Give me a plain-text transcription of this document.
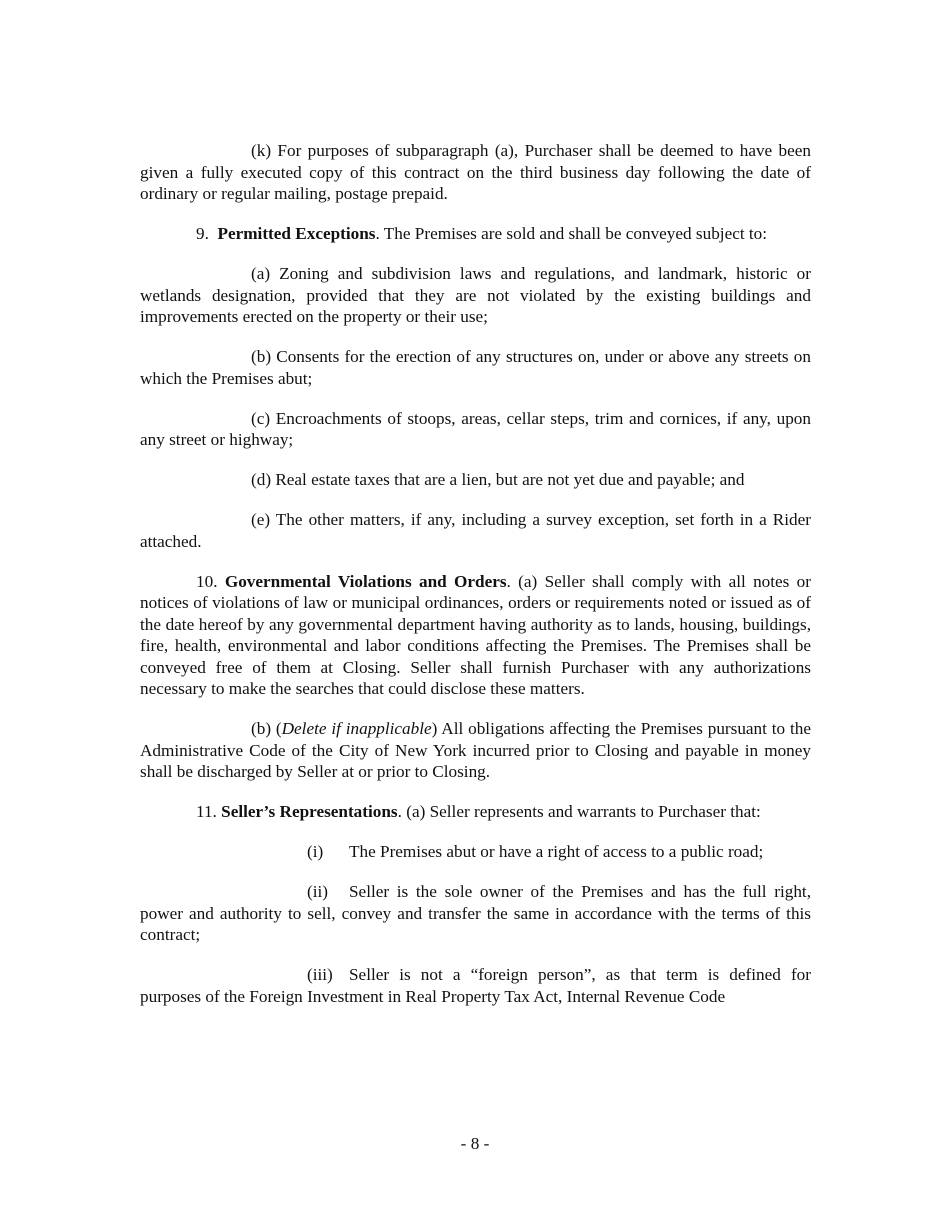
(k) For purposes of subparagraph (a), Purchaser shall be deemed to have been given a fully executed copy of this contract on the third business day following the date of ordinary or regular mailing, postage prepaid.

9. Permitted Exceptions. The Premises are sold and shall be conveyed subject to:

(a) Zoning and subdivision laws and regulations, and landmark, historic or wetlands designation, provided that they are not violated by the existing buildings and improvements erected on the property or their use;

(b) Consents for the erection of any structures on, under or above any streets on which the Premises abut;

(c) Encroachments of stoops, areas, cellar steps, trim and cornices, if any, upon any street or highway;

(d) Real estate taxes that are a lien, but are not yet due and payable; and

(e) The other matters, if any, including a survey exception, set forth in a Rider attached.

10. Governmental Violations and Orders. (a) Seller shall comply with all notes or notices of violations of law or municipal ordinances, orders or requirements noted or issued as of the date hereof by any governmental department having authority as to lands, housing, buildings, fire, health, environmental and labor conditions affecting the Premises. The Premises shall be conveyed free of them at Closing. Seller shall furnish Purchaser with any authorizations necessary to make the searches that could disclose these matters.

(b) (Delete if inapplicable) All obligations affecting the Premises pursuant to the Administrative Code of the City of New York incurred prior to Closing and payable in money shall be discharged by Seller at or prior to Closing.

11. Seller’s Representations. (a) Seller represents and warrants to Purchaser that:

(i) The Premises abut or have a right of access to a public road;

(ii) Seller is the sole owner of the Premises and has the full right, power and authority to sell, convey and transfer the same in accordance with the terms of this contract;

(iii) Seller is not a “foreign person”, as that term is defined for purposes of the Foreign Investment in Real Property Tax Act, Internal Revenue Code

- 8 -
